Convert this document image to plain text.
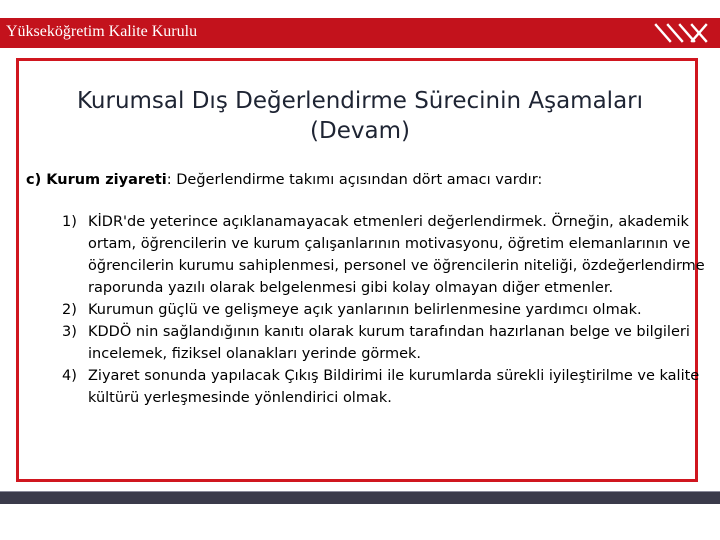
Yükseköğretim Kalite Kurulu
Kurumsal Dış Değerlendirme Sürecinin Aşamaları
(Devam)
c) Kurum ziyareti: Değerlendirme takımı açısından dört amacı vardır:
1) KİDR'de yeterince açıklanamayacak etmenleri değerlendirmek. Örneğin, akademik ortam, öğrencilerin ve kurum çalışanlarının motivasyonu, öğretim elemanlarının ve öğrencilerin kurumu sahiplenmesi, personel ve öğrencilerin niteliği, özdeğerlendirme raporunda yazılı olarak belgelenmesi gibi kolay olmayan diğer etmenler.
2) Kurumun güçlü ve gelişmeye açık yanlarının belirlenmesine yardımcı olmak.
3) KDDÖ nin sağlandığının kanıtı olarak kurum tarafından hazırlanan belge ve bilgileri incelemek, fiziksel olanakları yerinde görmek.
4) Ziyaret sonunda yapılacak Çıkış Bildirimi ile kurumlarda sürekli iyileştirilme ve kalite kültürü yerleşmesinde yönlendirici olmak.
